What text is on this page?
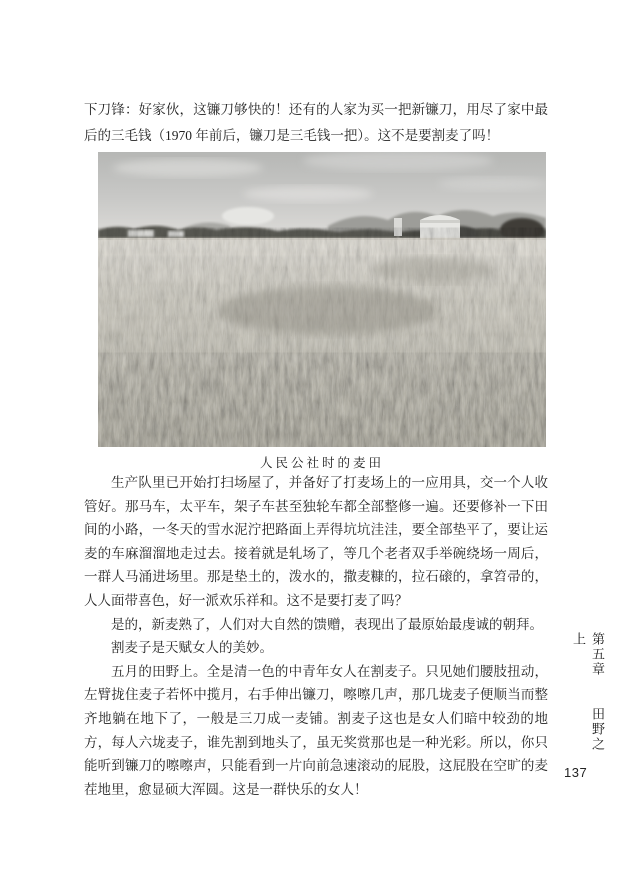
下刀锋：好家伙，这镰刀够快的！还有的人家为买一把新镰刀，用尽了家中最后的三毛钱（1970 年前后，镰刀是三毛钱一把）。这不是要割麦了吗！

人民公社时的麦田

生产队里已开始打扫场屋了，并备好了打麦场上的一应用具，交一个人收管好。那马车，太平车，架子车甚至独轮车都全部整修一遍。还要修补一下田间的小路，一冬天的雪水泥泞把路面上弄得坑坑洼洼，要全部垫平了，要让运麦的车麻溜溜地走过去。接着就是轧场了，等几个老者双手举碗绕场一周后，一群人马涌进场里。那是垫土的，泼水的，撒麦糠的，拉石磙的，拿笤帚的，人人面带喜色，好一派欢乐祥和。这不是要打麦了吗？

是的，新麦熟了，人们对大自然的馈赠，表现出了最原始最虔诚的朝拜。

割麦子是天赋女人的美妙。

五月的田野上。全是清一色的中青年女人在割麦子。只见她们腰肢扭动，左臂拢住麦子若怀中揽月，右手伸出镰刀，嚓嚓几声，那几垅麦子便顺当而整齐地躺在地下了，一般是三刀成一麦铺。割麦子这也是女人们暗中较劲的地方，每人六垅麦子，谁先割到地头了，虽无奖赏那也是一种光彩。所以，你只能听到镰刀的嚓嚓声，只能看到一片向前急速滚动的屁股，这屁股在空旷的麦茬地里，愈显硕大浑圆。这是一群快乐的女人！

第五章 田野之上
137
